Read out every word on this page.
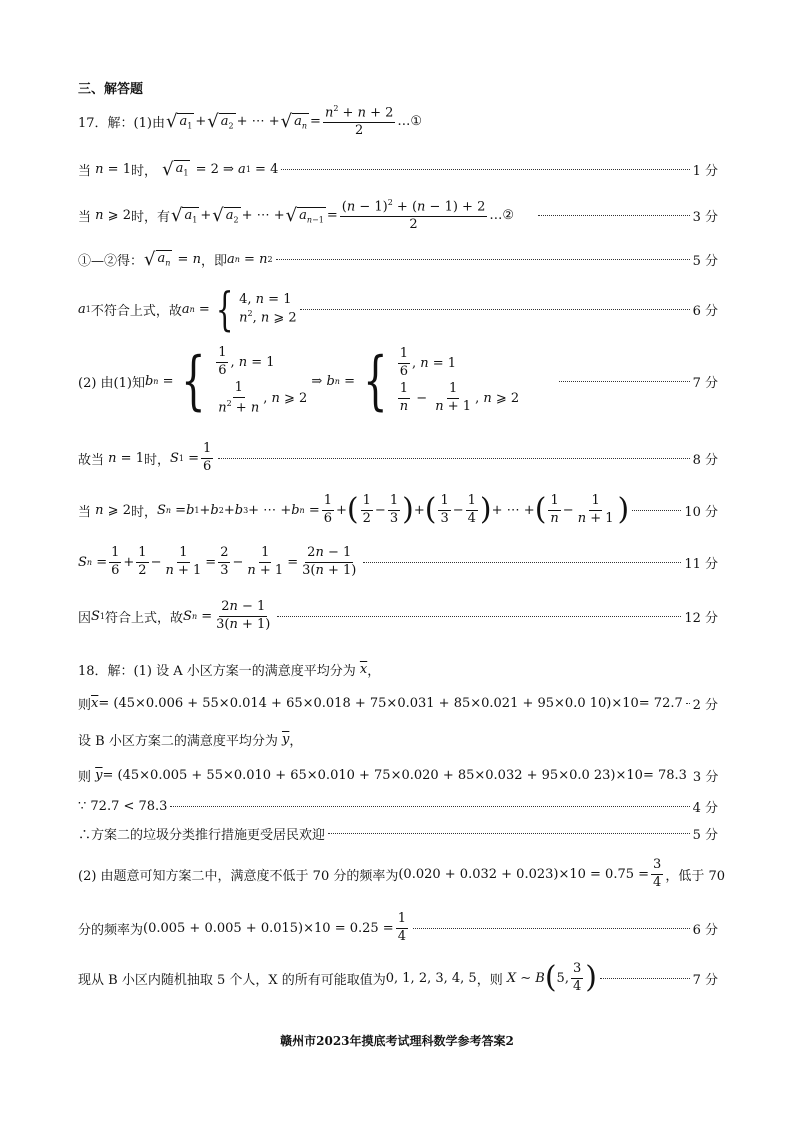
三、解答题
17．解：(1)由 √ $a_1$ + √ $a_2$ + ⋯ + √ $a_n = \frac{n^2 + n + 2}{2}$ …①
当 n = 1 时，
√ $a_1 = 2$ ⇒ a 1 = 4	1 分
当 n ⩾ 2 时，有 √ $a_1$ + √ $a_2$ + ⋯ + √ $a_{n-1} = \frac{(n - 1)^2 + (n - 1) + 2}{2}$ …②	3 分
①—②得： √ $a_n = n$ ，即 a n = n 2	5 分
a 1 不符合上式，故 a n = { 4, n = 1
$n^2$, n ⩾ 2	6 分
(2) 由(1)知 b n = { $\frac{1}{6}$ , n = 1
$\frac{1}{n^2 + n}$ , n ⩾ 2
⇒ b n = { $\frac{1}{6}$ , n = 1
$\frac{1}{n} - \frac{1}{n + 1}$ , n ⩾ 2
7 分
故当 n = 1 时， S $1 = \frac{1}{6}$	8 分
当 n ⩾ 2 时， S n = b 1 + b 2 + b 3 + ⋯ + b $n = \frac{1}{6}$ + ( $\frac{1}{2} - \frac{1}{3}$ ) + ( $\frac{1}{3} - \frac{1}{4}$ ) + ⋯ + ( $\frac{1}{n} - \frac{1}{n + 1}$ )	10 分
S $n = \frac{1}{6} + \frac{1}{2} - \frac{1}{n + 1} = \frac{2}{3} - \frac{1}{n + 1} = \frac{2n - 1}{3(n + 1)}$	11 分
因 S 1 符合上式，故 S $n = \frac{2n - 1}{3(n + 1)}$	12 分
18．解：(1) 设 A 小区方案一的满意度平均分为
$\overline{x}$ ，
则 $\overline{x} = (45\times 0.006 + 55\times 0.014 + 65\times 0.018 + 75\times 0.031 + 85\times 0.021 + 95\times 0.0$ 10)×10= 72.7 2 分
设 B 小区方案二的满意度平均分为
$\overline{y}$ ，
则
$\overline{y} = (45\times 0.005 + 55\times 0.010 + 65\times 0.010 + 75\times 0.020 + 85\times 0.032 + 95\times 0.0$ 23)×10= 78.3 3 分
∵ 72.7 < 78.3	4 分
∴方案二的垃圾分类推行措施更受居民欢迎	5 分
(2) 由题意可知方案二中，满意度不低于 70 分的频率为 $(0.020 + 0.032 + 0.023)\times 10 = 0.75 = \frac{3}{4}$ ，低于 70
分的频率为 $(0.005 + 0.005 + 0.015)\times 10 = 0.25 = \frac{1}{4}$	6 分
现从 B 小区内随机抽取 5 个人，X 的所有可能取值为 0, 1, 2, 3, 4, 5 ，则 X ∼ B ( 5, $\frac{3}{4}$ )	7 分
赣州市2023年摸底考试理科数学参考答案2
